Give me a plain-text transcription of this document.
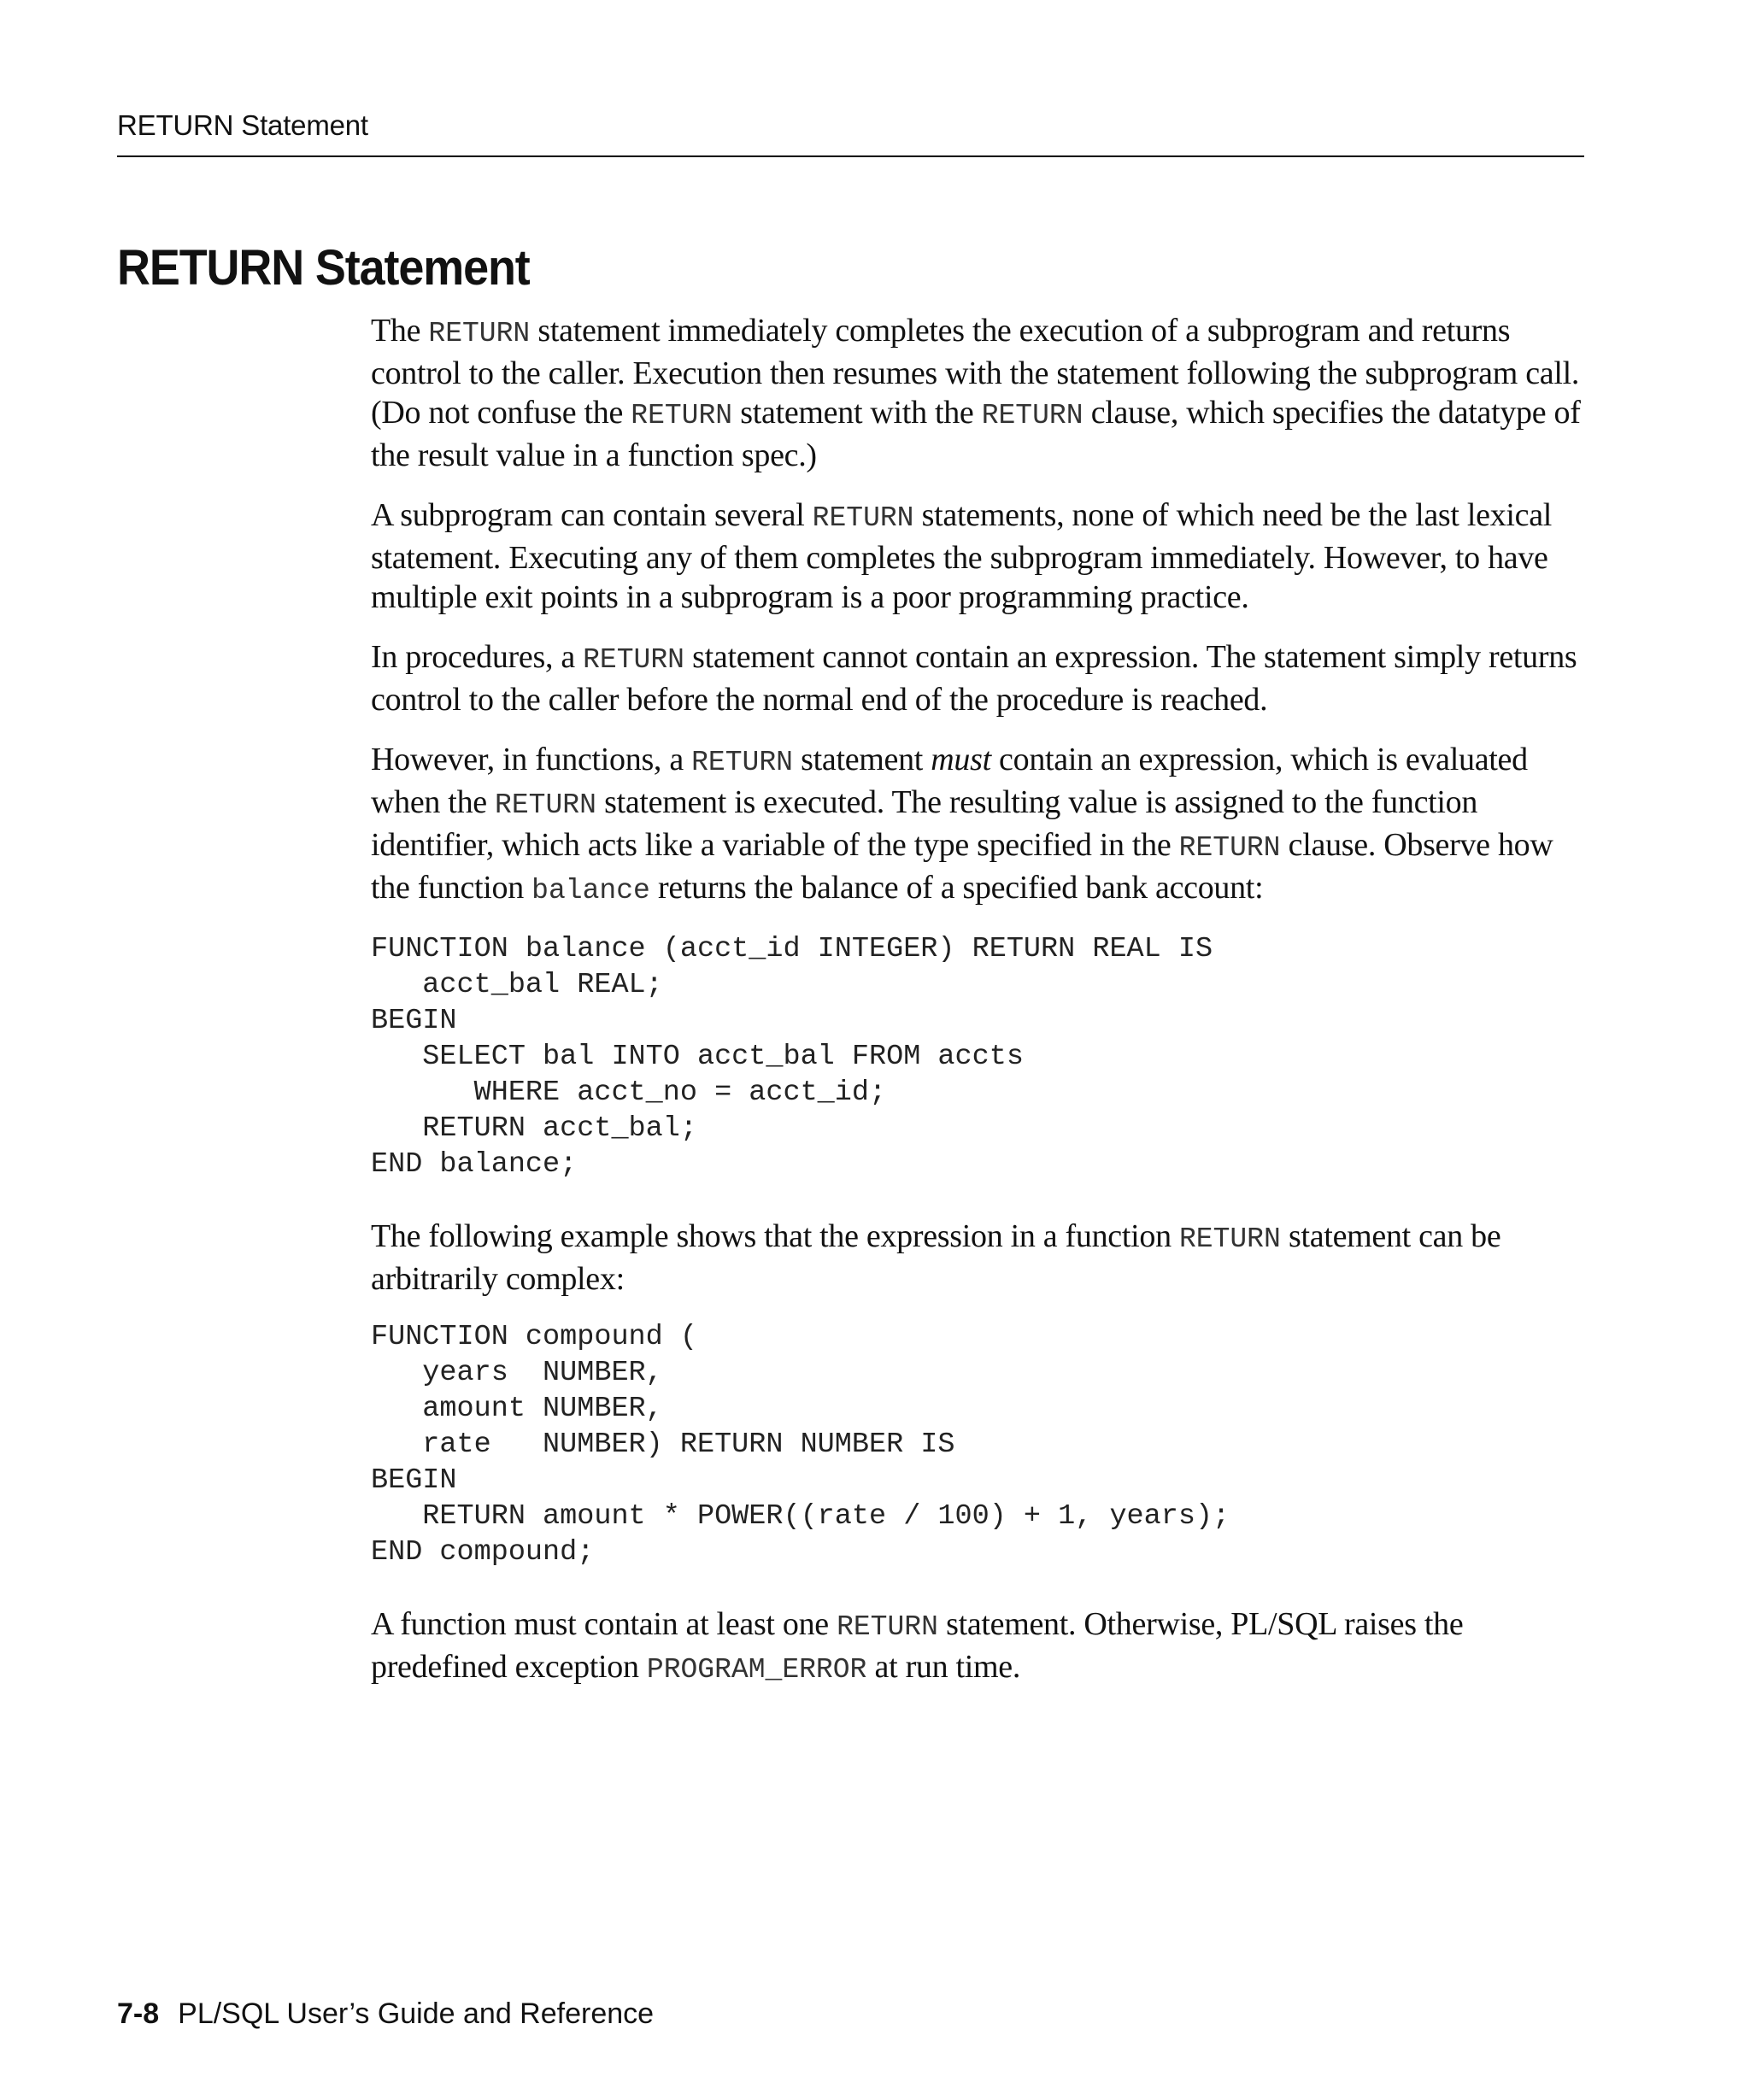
RETURN Statement
RETURN Statement

The RETURN statement immediately completes the execution of a subprogram and returns control to the caller. Execution then resumes with the statement following the subprogram call. (Do not confuse the RETURN statement with the RETURN clause, which specifies the datatype of the result value in a function spec.)

A subprogram can contain several RETURN statements, none of which need be the last lexical statement. Executing any of them completes the subprogram immediately. However, to have multiple exit points in a subprogram is a poor programming practice.

In procedures, a RETURN statement cannot contain an expression. The statement simply returns control to the caller before the normal end of the procedure is reached.

However, in functions, a RETURN statement must contain an expression, which is evaluated when the RETURN statement is executed. The resulting value is assigned to the function identifier, which acts like a variable of the type specified in the RETURN clause. Observe how the function balance returns the balance of a specified bank account:

FUNCTION balance (acct_id INTEGER) RETURN REAL IS
acct_bal REAL;
BEGIN
SELECT bal INTO acct_bal FROM accts
WHERE acct_no = acct_id;
RETURN acct_bal;
END balance;

The following example shows that the expression in a function RETURN statement can be arbitrarily complex:

FUNCTION compound (
years  NUMBER,
amount NUMBER,
rate   NUMBER) RETURN NUMBER IS
BEGIN
RETURN amount * POWER((rate / 100) + 1, years);
END compound;

A function must contain at least one RETURN statement. Otherwise, PL/SQL raises the predefined exception PROGRAM_ERROR at run time.

7-8 PL/SQL User’s Guide and Reference
